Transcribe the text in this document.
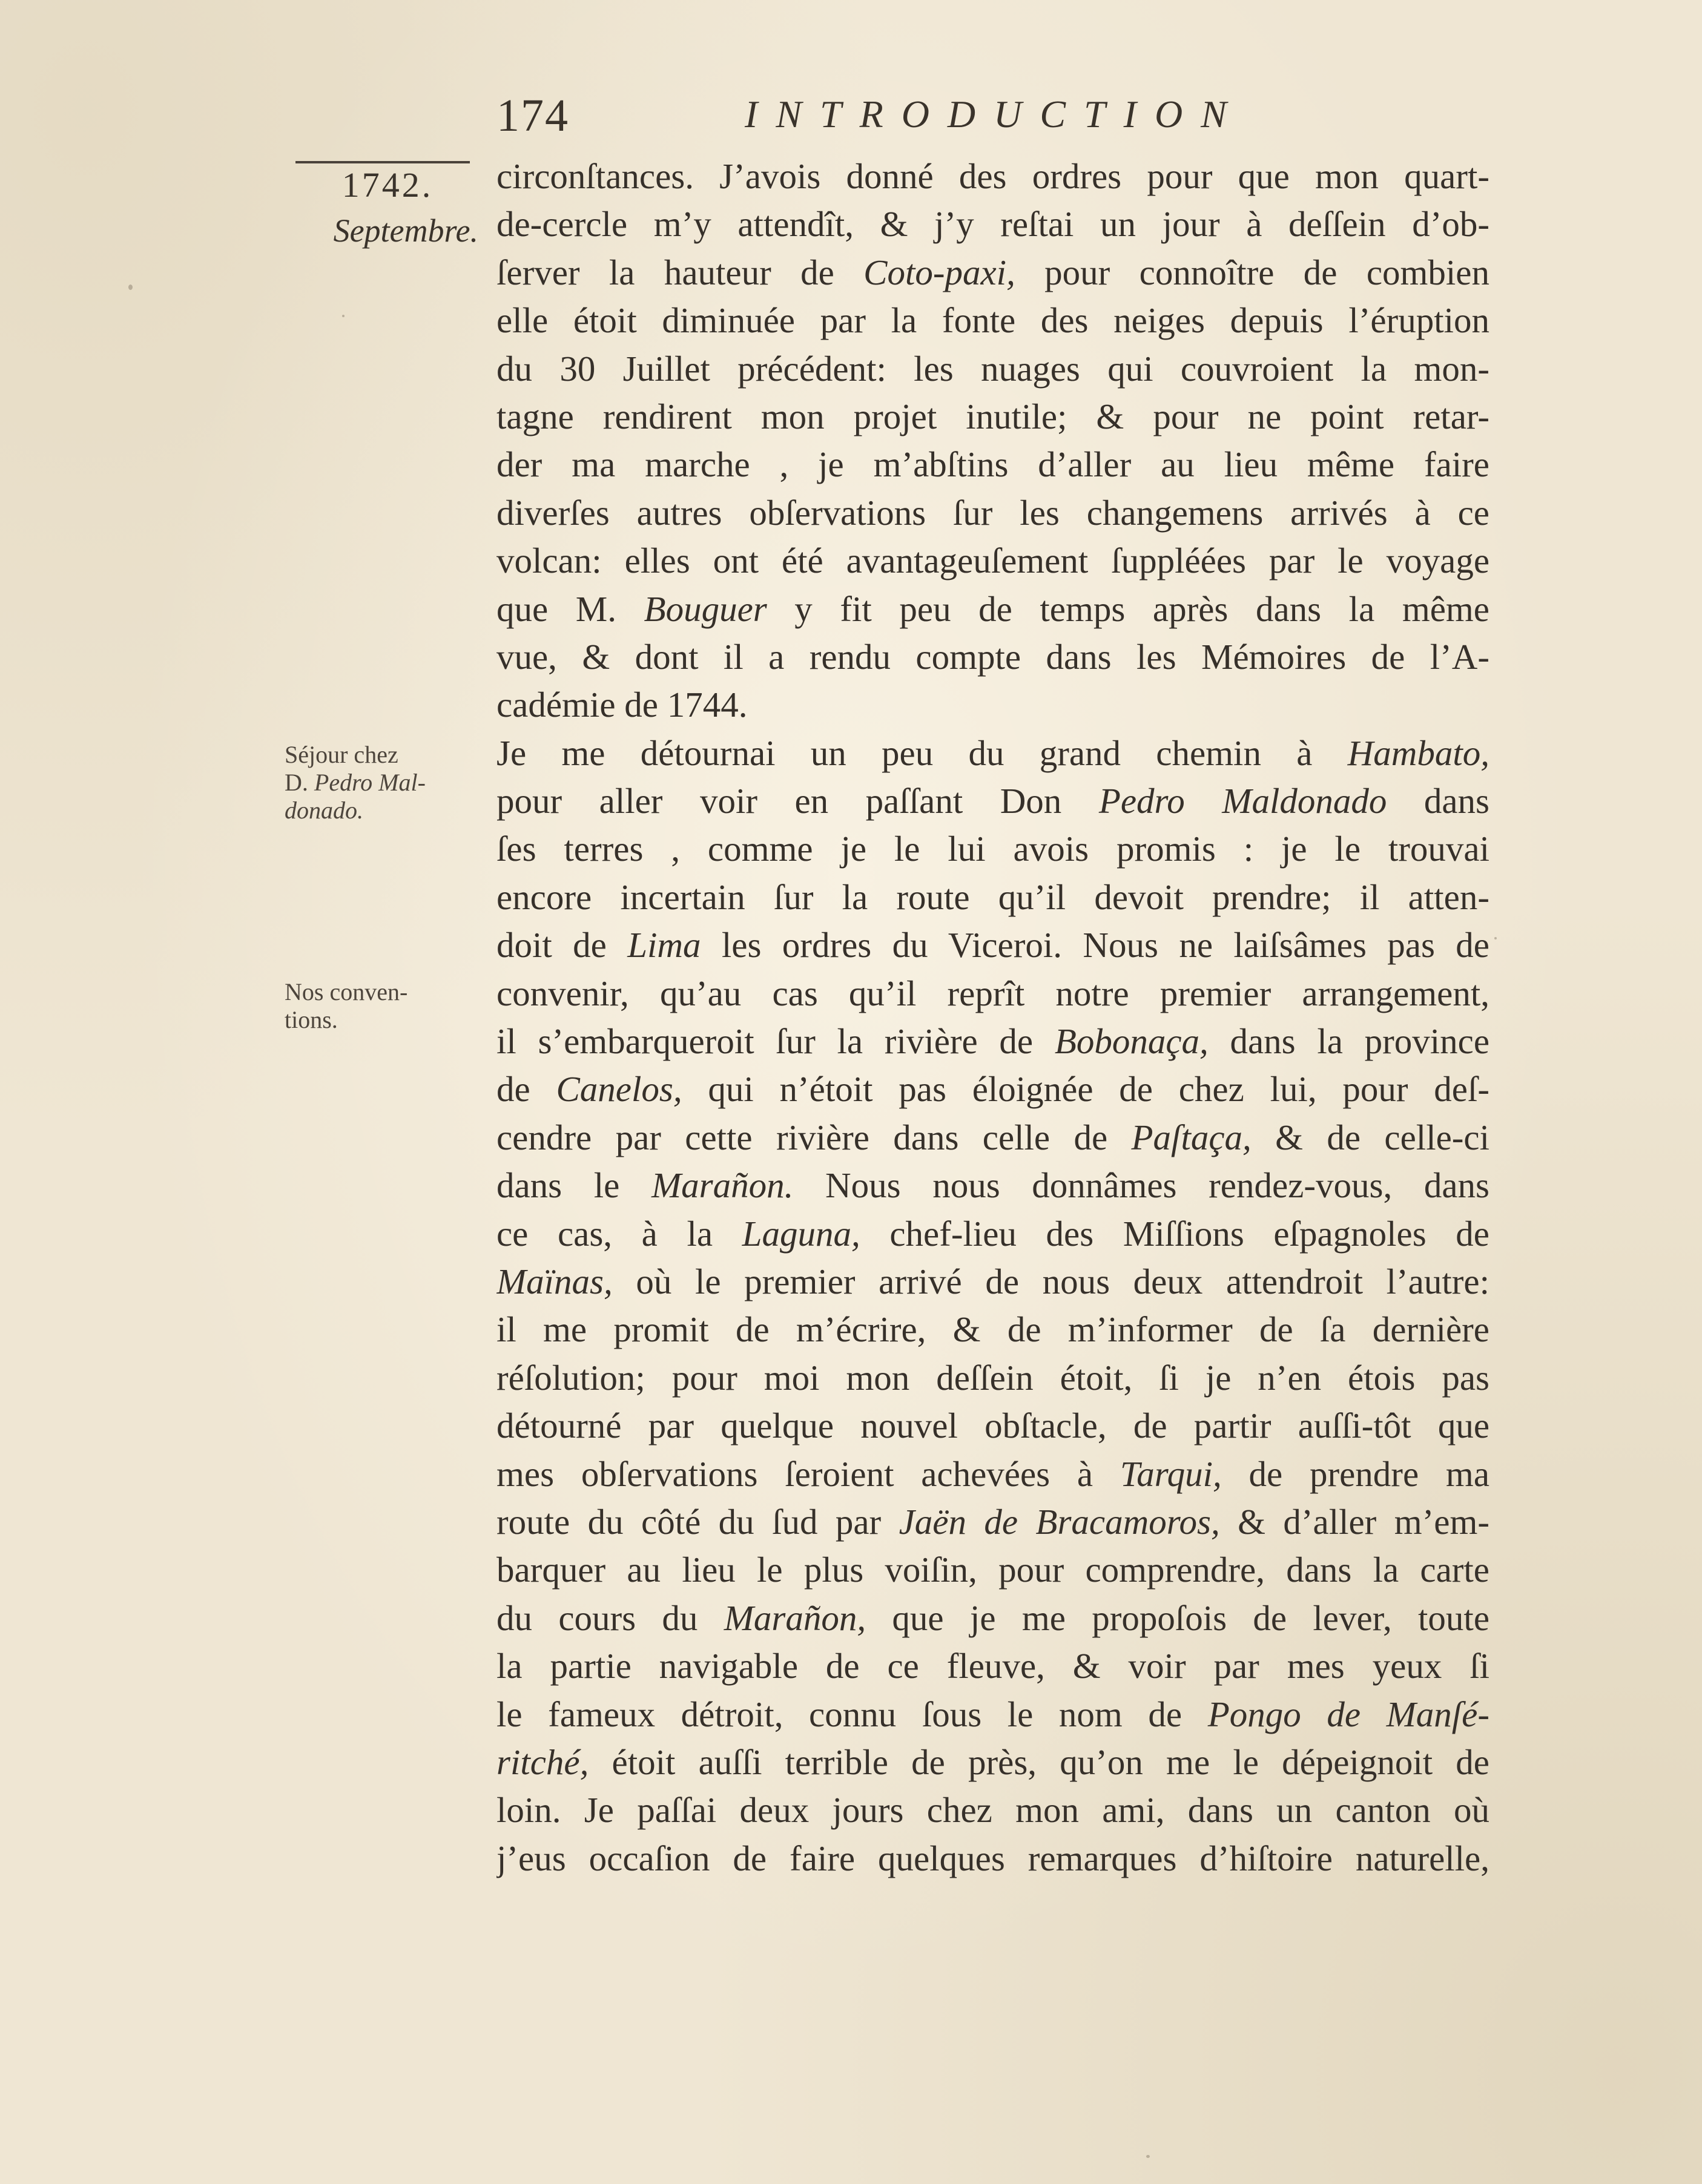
174	INTRODUCTION
1742.
Septembre.
Séjour chez
D. Pedro Mal-
donado.
Nos conven-
tions.
circonſtances. J’avois donné des ordres pour que mon quart-
de-cercle m’y attendît, & j’y reſtai un jour à deſſein d’ob-
ſerver la hauteur de Coto-paxi, pour connoître de combien
elle étoit diminuée par la fonte des neiges depuis l’éruption
du 30 Juillet précédent: les nuages qui couvroient la mon-
tagne rendirent mon projet inutile; & pour ne point retar-
der ma marche , je m’abſtins d’aller au lieu même faire
diverſes autres obſervations ſur les changemens arrivés à ce
volcan: elles ont été avantageuſement ſuppléées par le voyage
que M. Bouguer y fit peu de temps après dans la même
vue, & dont il a rendu compte dans les Mémoires de l’A-
cadémie de 1744.
Je me détournai un peu du grand chemin à Hambato,
pour aller voir en paſſant Don Pedro Maldonado dans
ſes terres , comme je le lui avois promis : je le trouvai
encore incertain ſur la route qu’il devoit prendre; il atten-
doit de Lima les ordres du Viceroi. Nous ne laiſsâmes pas de
convenir, qu’au cas qu’il reprît notre premier arrangement,
il s’embarqueroit ſur la rivière de Bobonaça, dans la province
de Canelos, qui n’étoit pas éloignée de chez lui, pour deſ-
cendre par cette rivière dans celle de Paſtaça, & de celle-ci
dans le Marañon. Nous nous donnâmes rendez-vous, dans
ce cas, à la Laguna, chef-lieu des Miſſions eſpagnoles de
Maïnas, où le premier arrivé de nous deux attendroit l’autre:
il me promit de m’écrire, & de m’informer de ſa dernière
réſolution; pour moi mon deſſein étoit, ſi je n’en étois pas
détourné par quelque nouvel obſtacle, de partir auſſi-tôt que
mes obſervations ſeroient achevées à Tarqui, de prendre ma
route du côté du ſud par Jaën de Bracamoros, & d’aller m’em-
barquer au lieu le plus voiſin, pour comprendre, dans la carte
du cours du Marañon, que je me propoſois de lever, toute
la partie navigable de ce fleuve, & voir par mes yeux ſi
le fameux détroit, connu ſous le nom de Pongo de Manſé-
ritché, étoit auſſi terrible de près, qu’on me le dépeignoit de
loin. Je paſſai deux jours chez mon ami, dans un canton où
j’eus occaſion de faire quelques remarques d’hiſtoire naturelle,
